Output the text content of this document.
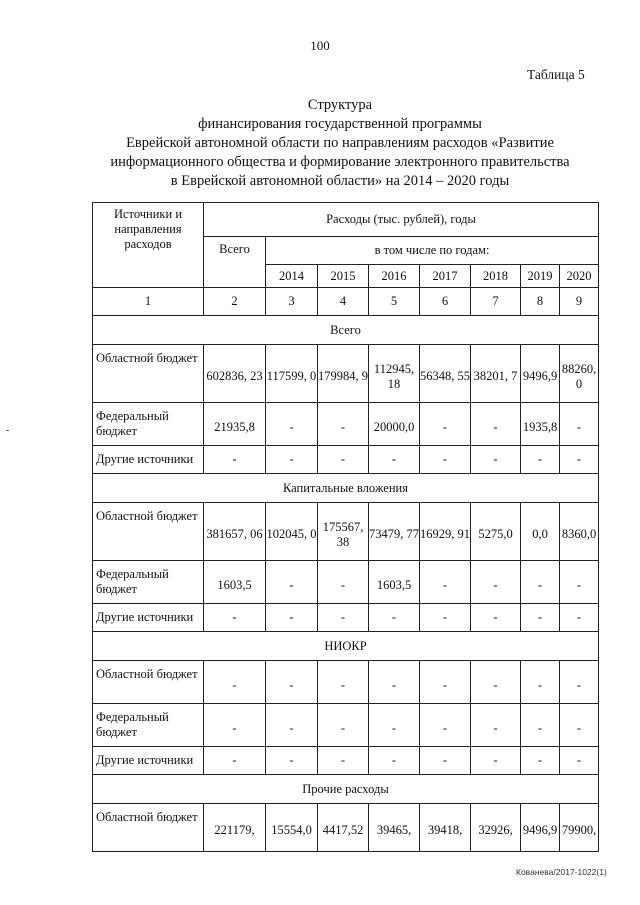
100
Таблица 5
Структура
финансирования государственной программы
Еврейской автономной области по направлениям расходов «Развитие
информационного общества и формирование электронного правительства
в Еврейской автономной области» на 2014 – 2020 годы
Источники и направления расходов	Расходы (тыс. рублей), годы							
	Всего	в том числе по годам:						
		2014	2015	2016	2017	2018	2019	2020
1	2	3	4	5	6	7	8	9
Всего								
Областной бюджет	602836, 23	117599, 0	179984, 9	112945, 18	56348, 55	38201, 7	9496,9	88260, 0
Федеральный бюджет	21935,8	-	-	20000,0	-	-	1935,8	-
Другие источники	-	-	-	-	-	-	-	-
Капитальные вложения								
Областной бюджет	381657, 06	102045, 0	175567, 38	73479, 77	16929, 91	5275,0	0,0	8360,0
Федеральный бюджет	1603,5	-	-	1603,5	-	-	-	-
Другие источники	-	-	-	-	-	-	-	-
НИОКР								
Областной бюджет	-	-	-	-	-	-	-	-
Федеральный бюджет	-	-	-	-	-	-	-	-
Другие источники	-	-	-	-	-	-	-	-
Прочие расходы								
Областной бюджет	221179,	15554,0	4417,52	39465,	39418,	32926,	9496,9	79900,
Кованева/2017-1022(1)
